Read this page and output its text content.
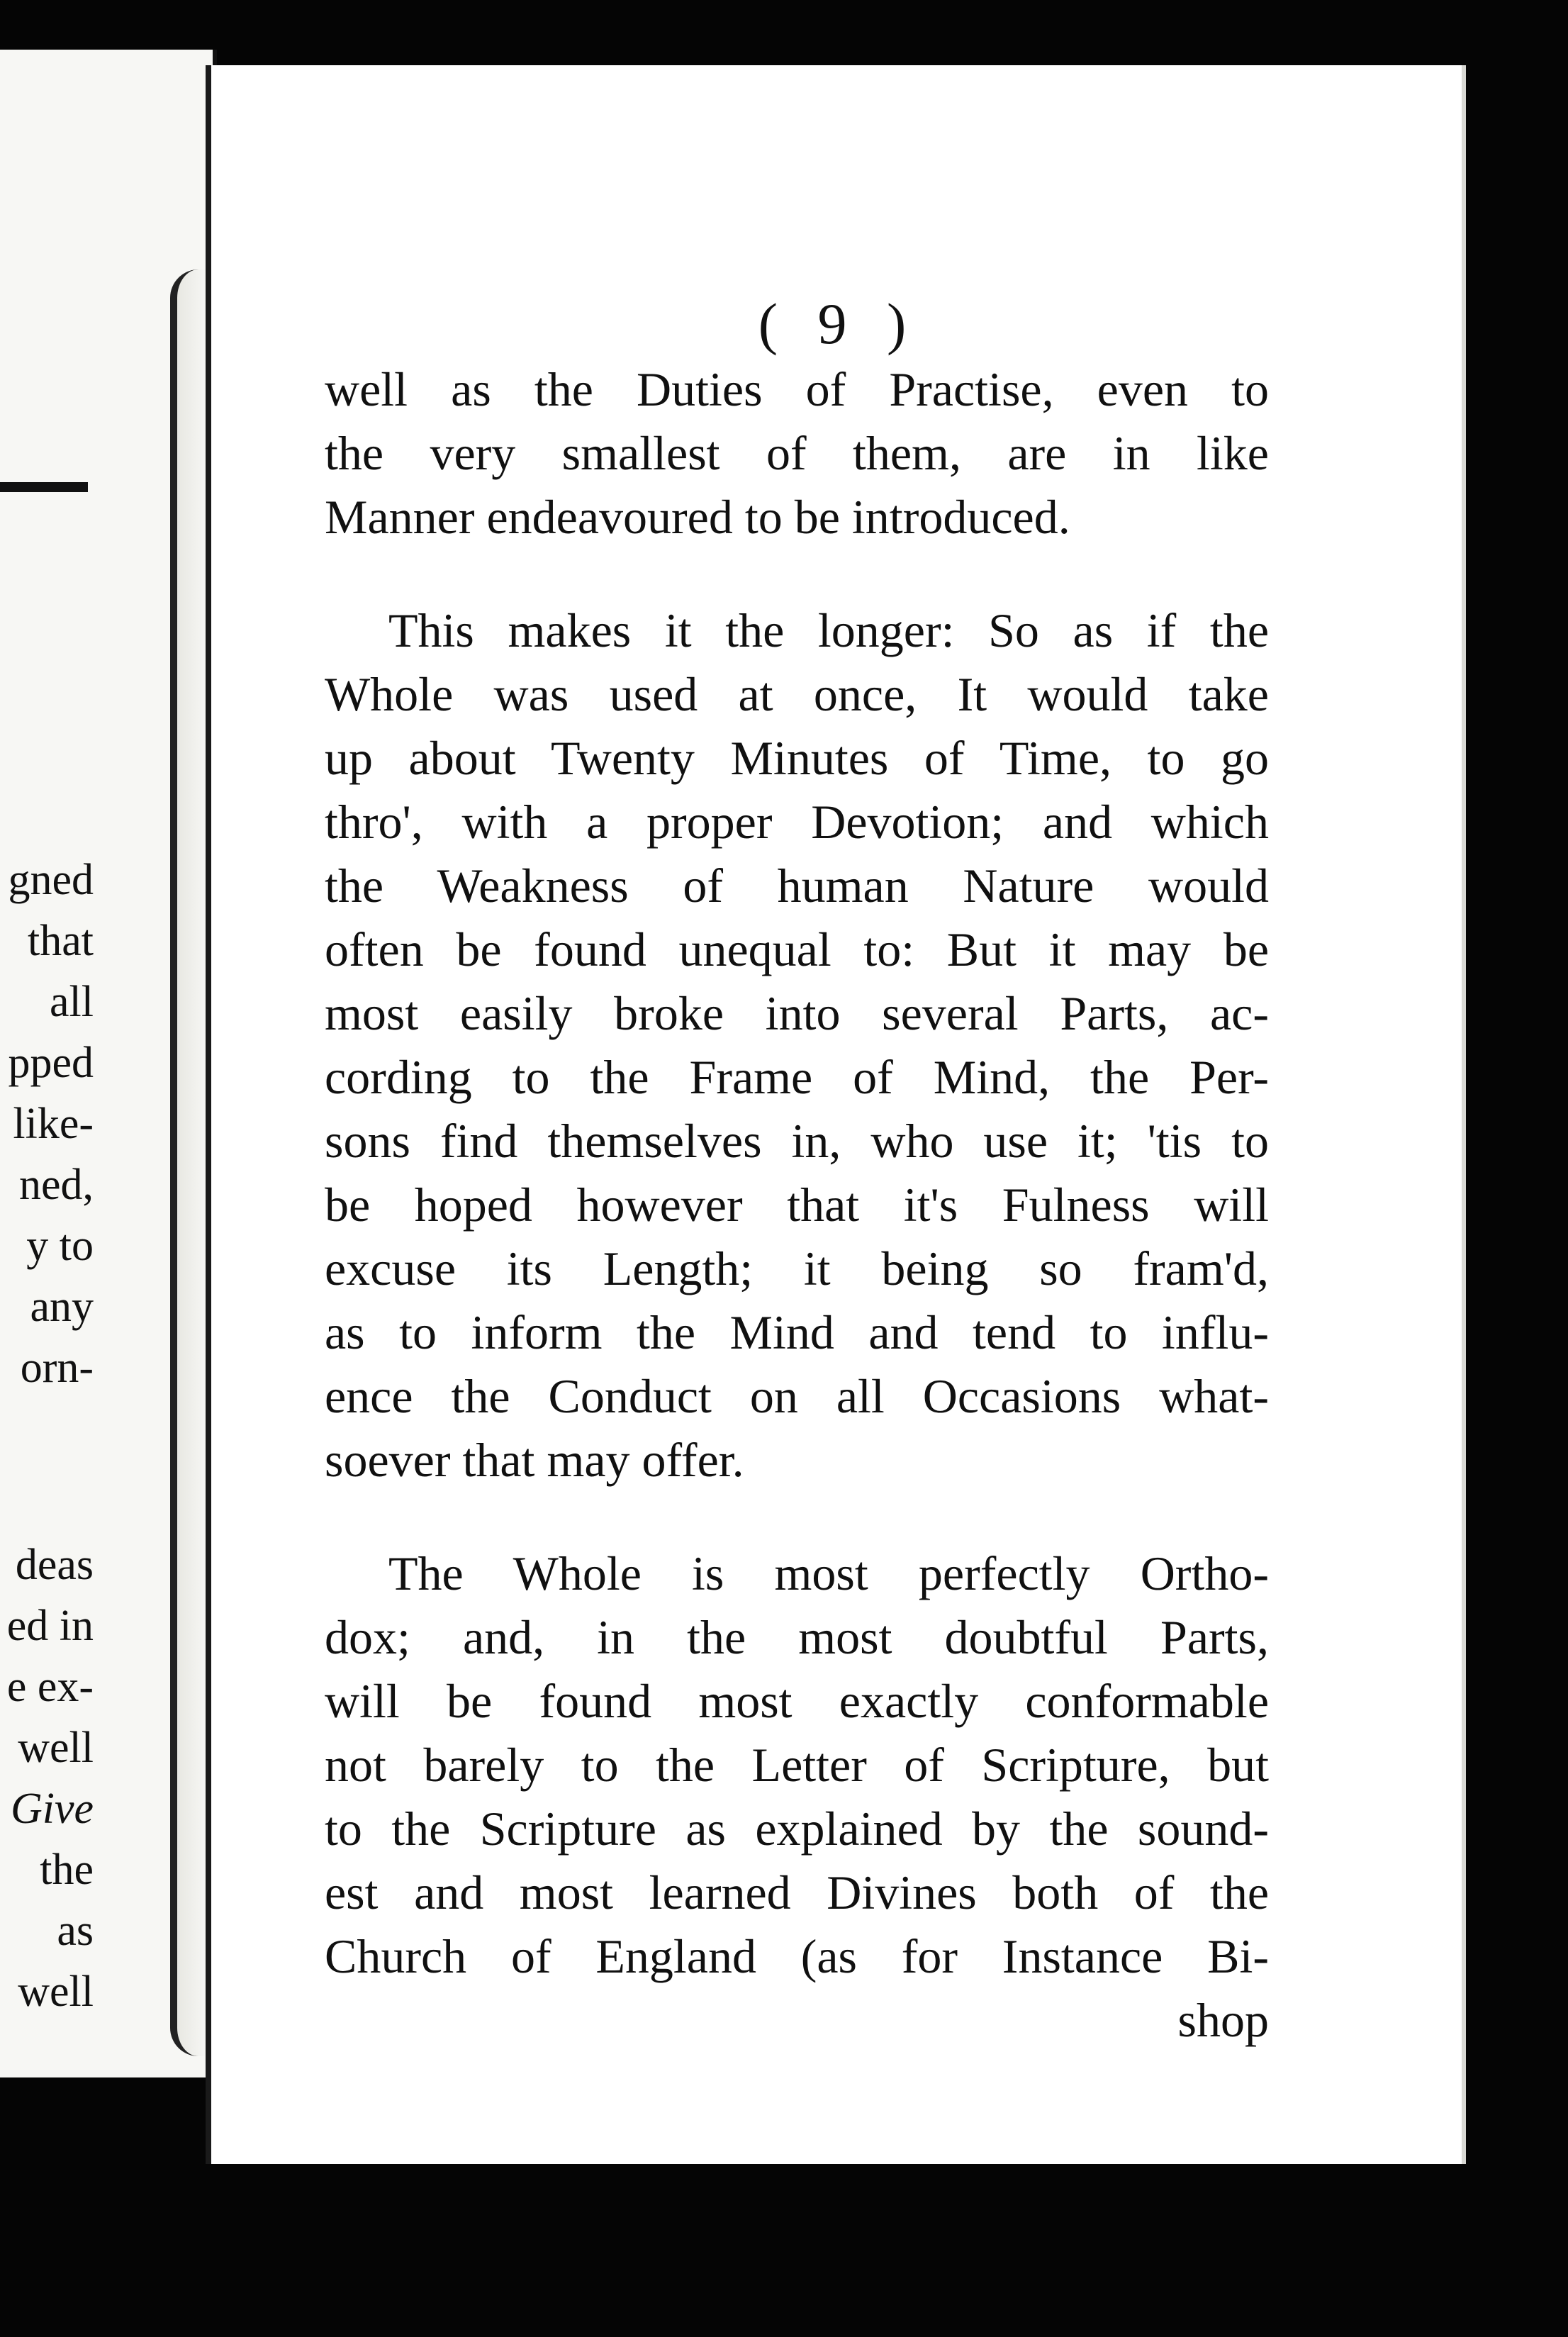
gned
that
all
pped
like-
ned,
y to
any
orn-
deas
ed in
e ex-
well
Give
the
as
well
( 9 )
well as the Duties of Practise, even to
the very smallest of them, are in like
Manner endeavoured to be introduced.
This makes it the longer: So as if the
Whole was used at once, It would take
up about Twenty Minutes of Time, to go
thro', with a proper Devotion; and which
the Weakness of human Nature would
often be found unequal to: But it may be
most easily broke into several Parts, ac-
cording to the Frame of Mind, the Per-
sons find themselves in, who use it; 'tis to
be hoped however that it's Fulness will
excuse its Length; it being so fram'd,
as to inform the Mind and tend to influ-
ence the Conduct on all Occasions what-
soever that may offer.
The Whole is most perfectly Ortho-
dox; and, in the most doubtful Parts,
will be found most exactly conformable
not barely to the Letter of Scripture, but
to the Scripture as explained by the sound-
est and most learned Divines both of the
Church of England (as for Instance Bi-
shop
